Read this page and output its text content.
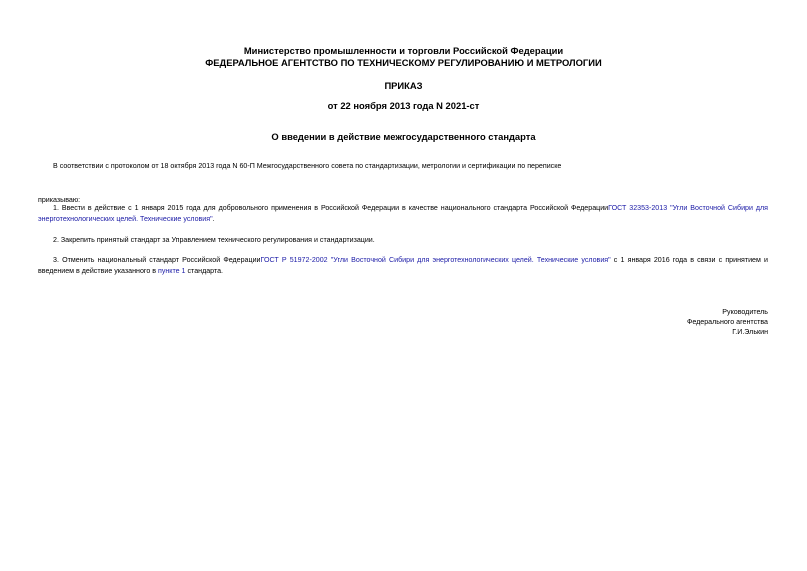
Министерство промышленности и торговли Российской Федерации
ФЕДЕРАЛЬНОЕ АГЕНТСТВО ПО ТЕХНИЧЕСКОМУ РЕГУЛИРОВАНИЮ И МЕТРОЛОГИИ
ПРИКАЗ
от 22 ноября 2013 года N 2021-ст
О введении в действие межгосударственного стандарта
В соответствии с протоколом от 18 октября 2013 года N 60-П Межгосударственного совета по стандартизации, метрологии и сертификации по переписке
приказываю:
1. Ввести в действие с 1 января 2015 года для добровольного применения в Российской Федерации в качестве национального стандарта Российской ФедерацииГОСТ 32353-2013 "Угли Восточной Сибири для энерготехнологических целей. Технические условия".
2. Закрепить принятый стандарт за Управлением технического регулирования и стандартизации.
3. Отменить национальный стандарт Российской ФедерацииГОСТ Р 51972-2002 "Угли Восточной Сибири для энерготехнологических целей. Технические условия" с 1 января 2016 года в связи с принятием и введением в действие указанного в пункте 1 стандарта.
Руководитель
Федерального агентства
Г.И.Элькин
